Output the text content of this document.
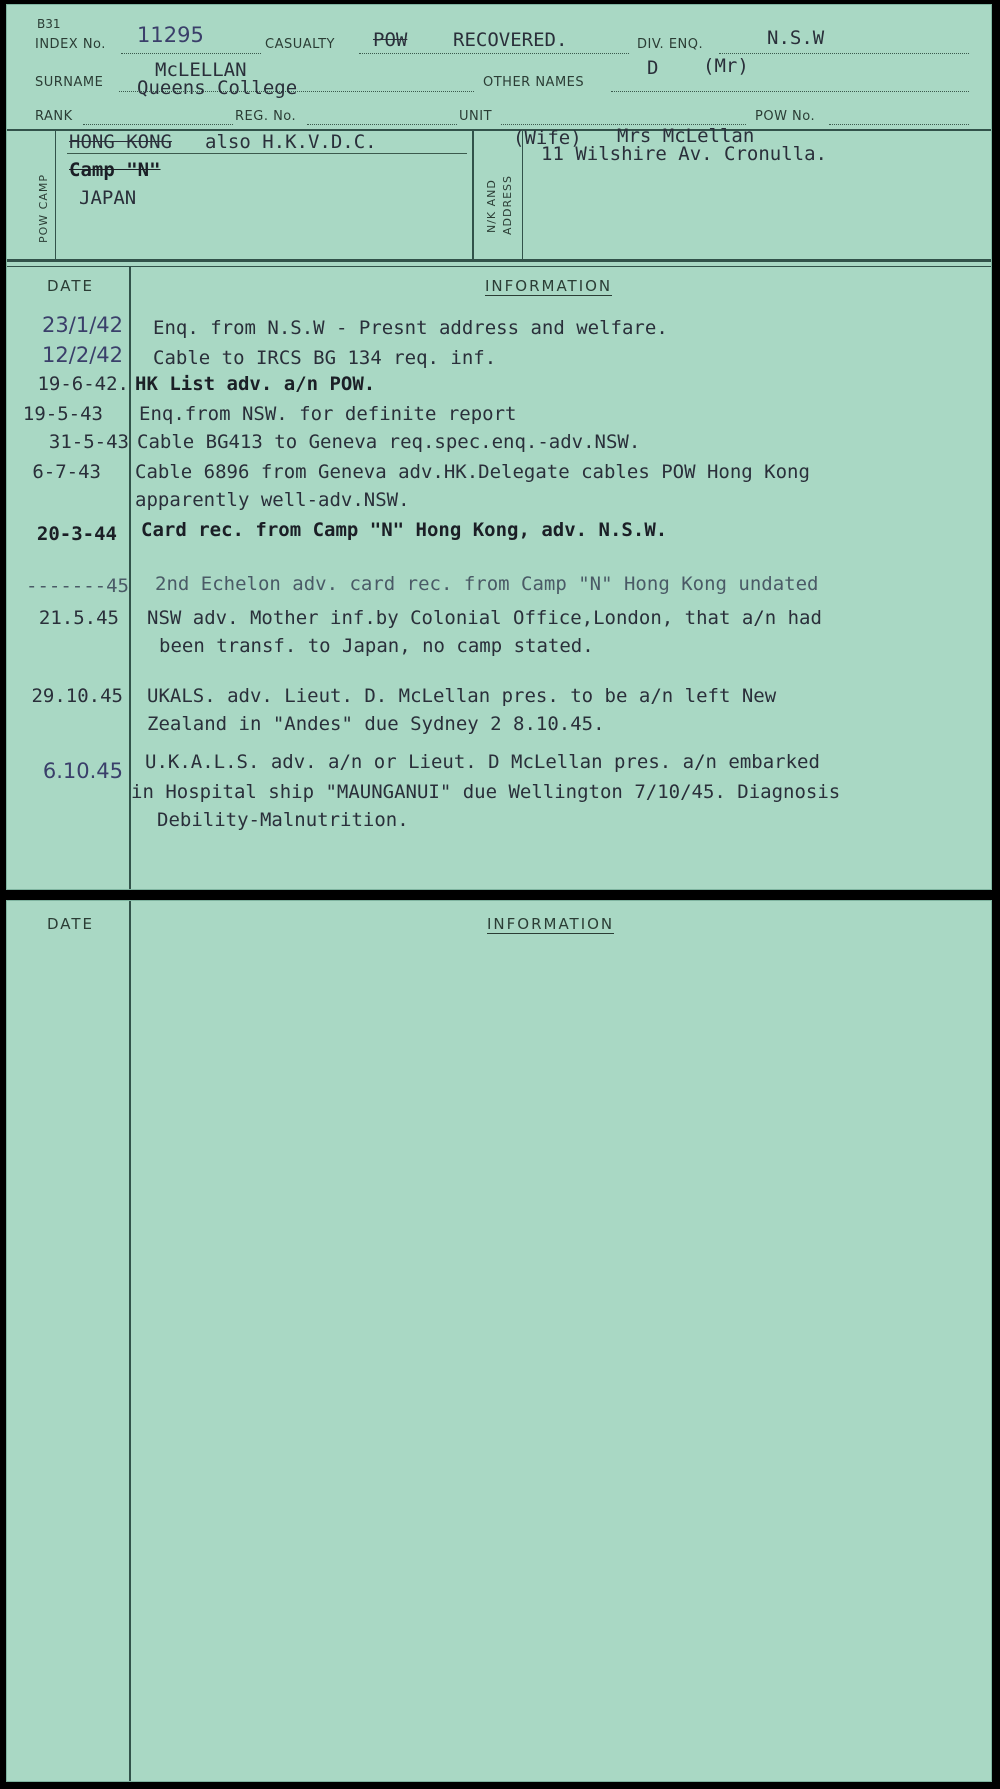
B31
INDEX No. 11295	CASUALTY POW RECOVERED.	DIV. ENQ.	N.S.W
SURNAME
McLELLAN
Queens College	OTHER NAMES
D (Mr)
RANK	REG. No.	UNIT	POW No.
POW CAMP	N/K AND ADDRESS
HONG KONG also H.K.V.D.C.
Camp "N"
JAPAN
(Wife) Mrs McLellan
11 Wilshire Av. Cronulla.
DATE	INFORMATION
23/1/42 Enq. from N.S.W - Presnt address and welfare.
12/2/42 Cable to IRCS BG 134 req. inf.
19-6-42. HK List adv. a/n POW.
19-5-43 Enq.from NSW. for definite report
31-5-43 Cable BG413 to Geneva req.spec.enq.-adv.NSW.
6-7-43 Cable 6896 from Geneva adv.HK.Delegate cables POW Hong Kong
apparently well-adv.NSW.
20-3-44 Card rec. from Camp "N" Hong Kong, adv. N.S.W.
-------45 2nd Echelon adv. card rec. from Camp "N" Hong Kong undated
21.5.45 NSW adv. Mother inf.by Colonial Office,London, that a/n had
been transf. to Japan, no camp stated.
29.10.45 UKALS. adv. Lieut. D. McLellan pres. to be a/n left New
Zealand in "Andes" due Sydney 2 8.10.45.
6.10.45 U.K.A.L.S. adv. a/n or Lieut. D McLellan pres. a/n embarked
in Hospital ship "MAUNGANUI" due Wellington 7/10/45. Diagnosis
Debility-Malnutrition.
DATE	INFORMATION
